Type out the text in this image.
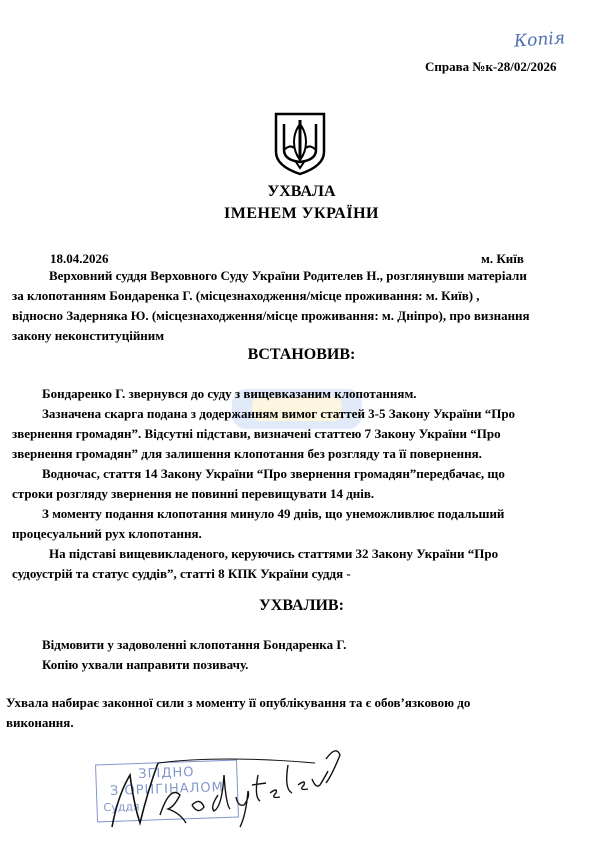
Копія
Справа №к-28/02/2026
УХВАЛА
ІМЕНЕМ УКРАЇНИ
18.04.2026	м. Київ
Верховний суддя Верховного Суду України Родителев Н., розглянувши матеріали
за клопотанням Бондаренка Г. (місцезнаходження/місце проживання: м. Київ) ,
відносно Задерняка Ю. (місцезнаходження/місце проживання: м. Дніпро), про визнання
закону неконституційним
ВСТАНОВИВ:
Бондаренко Г. звернувся до суду з вищевказаним клопотанням.
Зазначена скарга подана з додержанням вимог статтей 3-5 Закону України “Про
звернення громадян”. Відсутні підстави, визначені статтею 7 Закону України “Про
звернення громадян” для залишення клопотання без розгляду та її повернення.
Водночас, стаття 14 Закону України “Про звернення громадян”передбачає, що
строки розгляду звернення не повинні перевищувати 14 днів.
З моменту подання клопотання минуло 49 днів, що унеможливлює подальший
процесуальний рух клопотання.
На підставі вищевикладеного, керуючись статтями 32 Закону України “Про
судоустрій та статус суддів”, статті 8 КПК України суддя -
УХВАЛИВ:
Відмовити у задоволенні клопотання Бондаренка Г.
Копію ухвали направити позивачу.
Ухвала набирає законної сили з моменту її опублікування та є обов’язковою до
виконання.
ЗГІДНО
З ОРИГІНАЛОМ
Суддя
